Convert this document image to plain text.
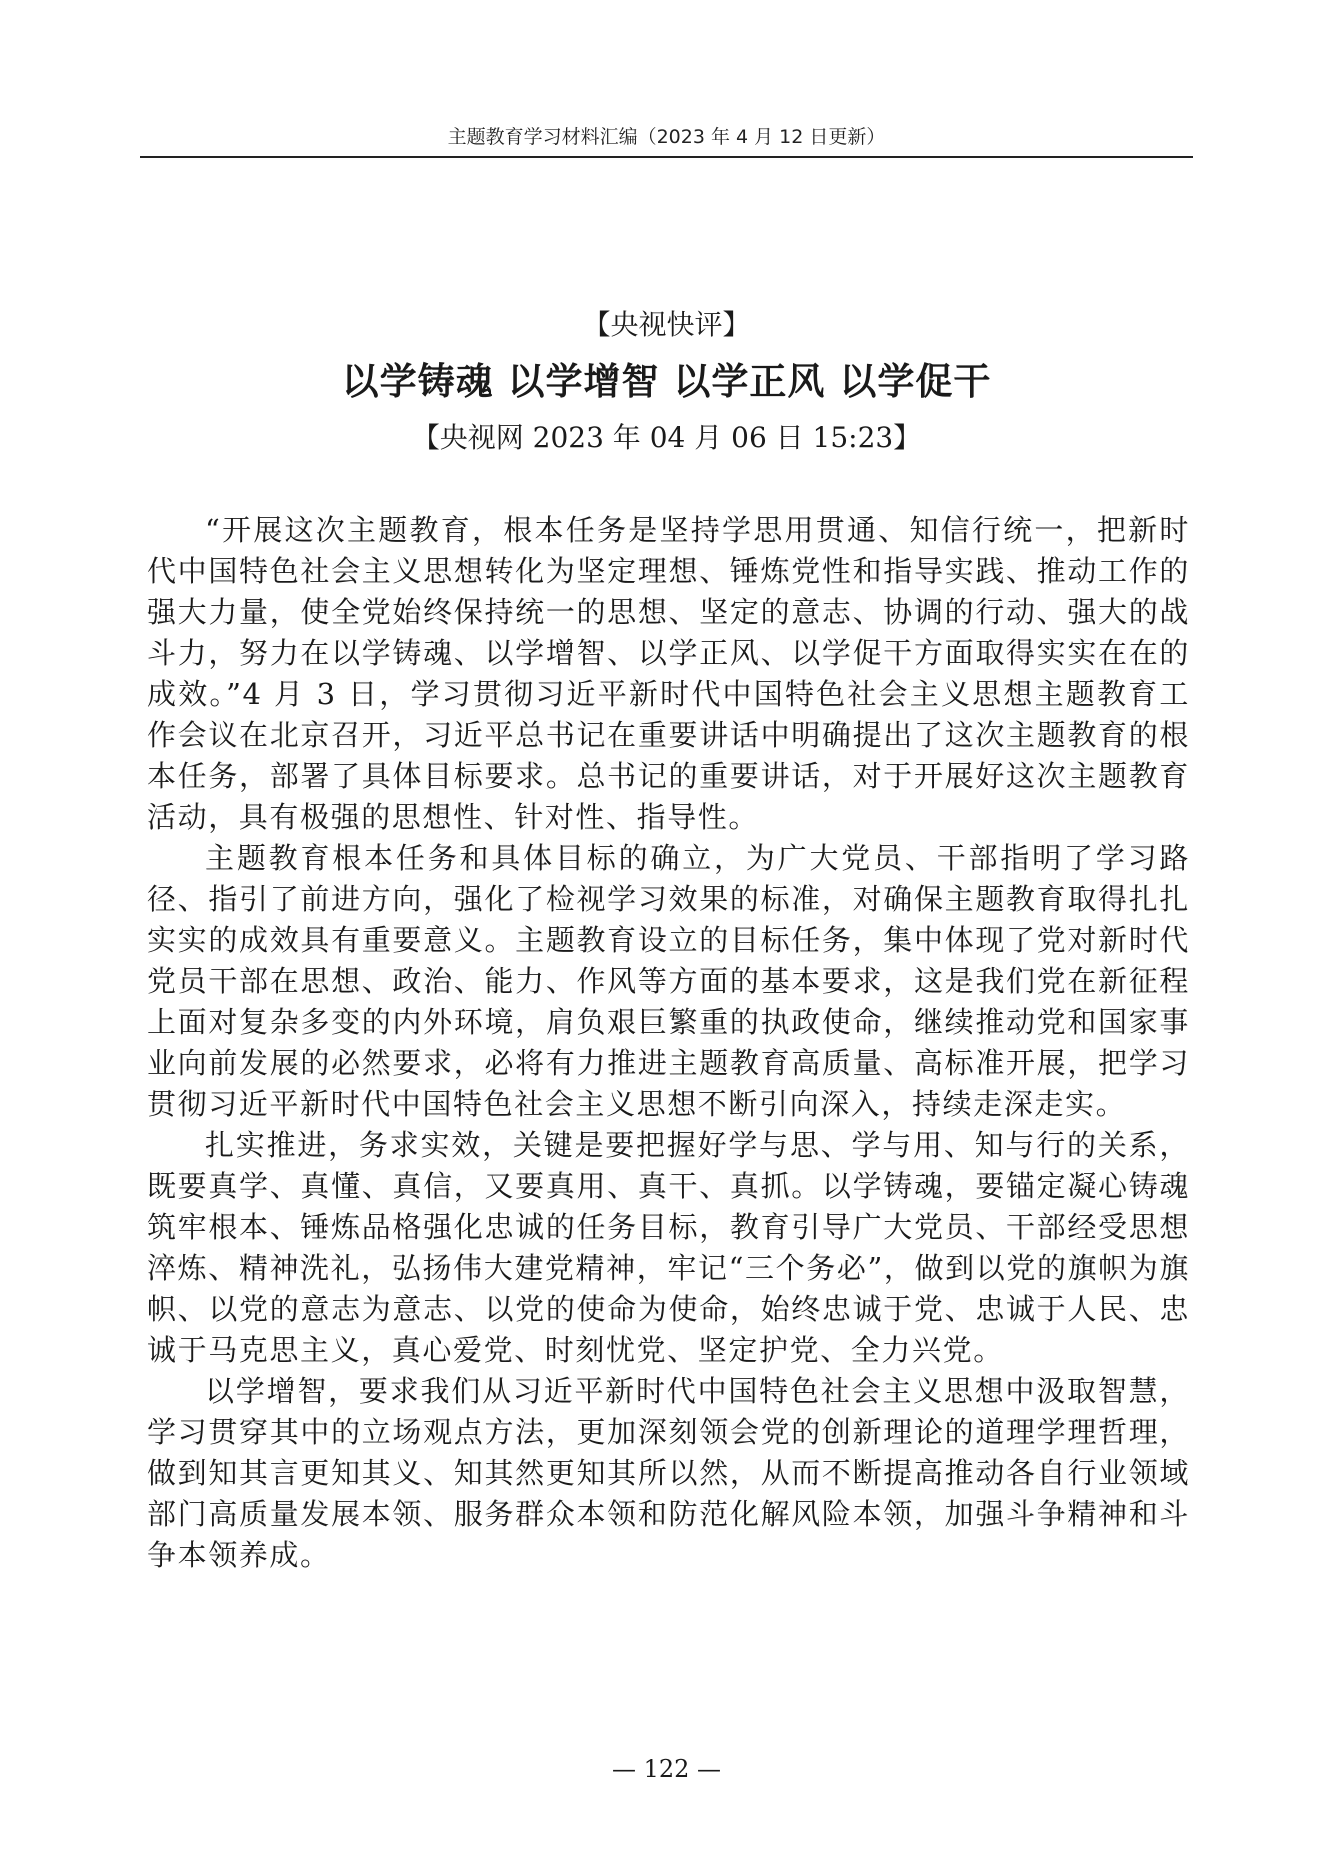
主题教育学习材料汇编（2023 年 4 月 12 日更新）
【央视快评】
以学铸魂 以学增智 以学正风 以学促干
【央视网 2023 年 04 月 06 日 15:23】

“开展这次主题教育，根本任务是坚持学思用贯通、知信行统一，把新时代中国特色社会主义思想转化为坚定理想、锤炼党性和指导实践、推动工作的强大力量，使全党始终保持统一的思想、坚定的意志、协调的行动、强大的战斗力，努力在以学铸魂、以学增智、以学正风、以学促干方面取得实实在在的成效。”4 月 3 日，学习贯彻习近平新时代中国特色社会主义思想主题教育工作会议在北京召开，习近平总书记在重要讲话中明确提出了这次主题教育的根本任务，部署了具体目标要求。总书记的重要讲话，对于开展好这次主题教育活动，具有极强的思想性、针对性、指导性。

主题教育根本任务和具体目标的确立，为广大党员、干部指明了学习路径、指引了前进方向，强化了检视学习效果的标准，对确保主题教育取得扎扎实实的成效具有重要意义。主题教育设立的目标任务，集中体现了党对新时代党员干部在思想、政治、能力、作风等方面的基本要求，这是我们党在新征程上面对复杂多变的内外环境，肩负艰巨繁重的执政使命，继续推动党和国家事业向前发展的必然要求，必将有力推进主题教育高质量、高标准开展，把学习贯彻习近平新时代中国特色社会主义思想不断引向深入，持续走深走实。

扎实推进，务求实效，关键是要把握好学与思、学与用、知与行的关系，既要真学、真懂、真信，又要真用、真干、真抓。以学铸魂，要锚定凝心铸魂筑牢根本、锤炼品格强化忠诚的任务目标，教育引导广大党员、干部经受思想淬炼、精神洗礼，弘扬伟大建党精神，牢记“三个务必”，做到以党的旗帜为旗帜、以党的意志为意志、以党的使命为使命，始终忠诚于党、忠诚于人民、忠诚于马克思主义，真心爱党、时刻忧党、坚定护党、全力兴党。

以学增智，要求我们从习近平新时代中国特色社会主义思想中汲取智慧，学习贯穿其中的立场观点方法，更加深刻领会党的创新理论的道理学理哲理，做到知其言更知其义、知其然更知其所以然，从而不断提高推动各自行业领域部门高质量发展本领、服务群众本领和防范化解风险本领，加强斗争精神和斗争本领养成。

— 122 —
